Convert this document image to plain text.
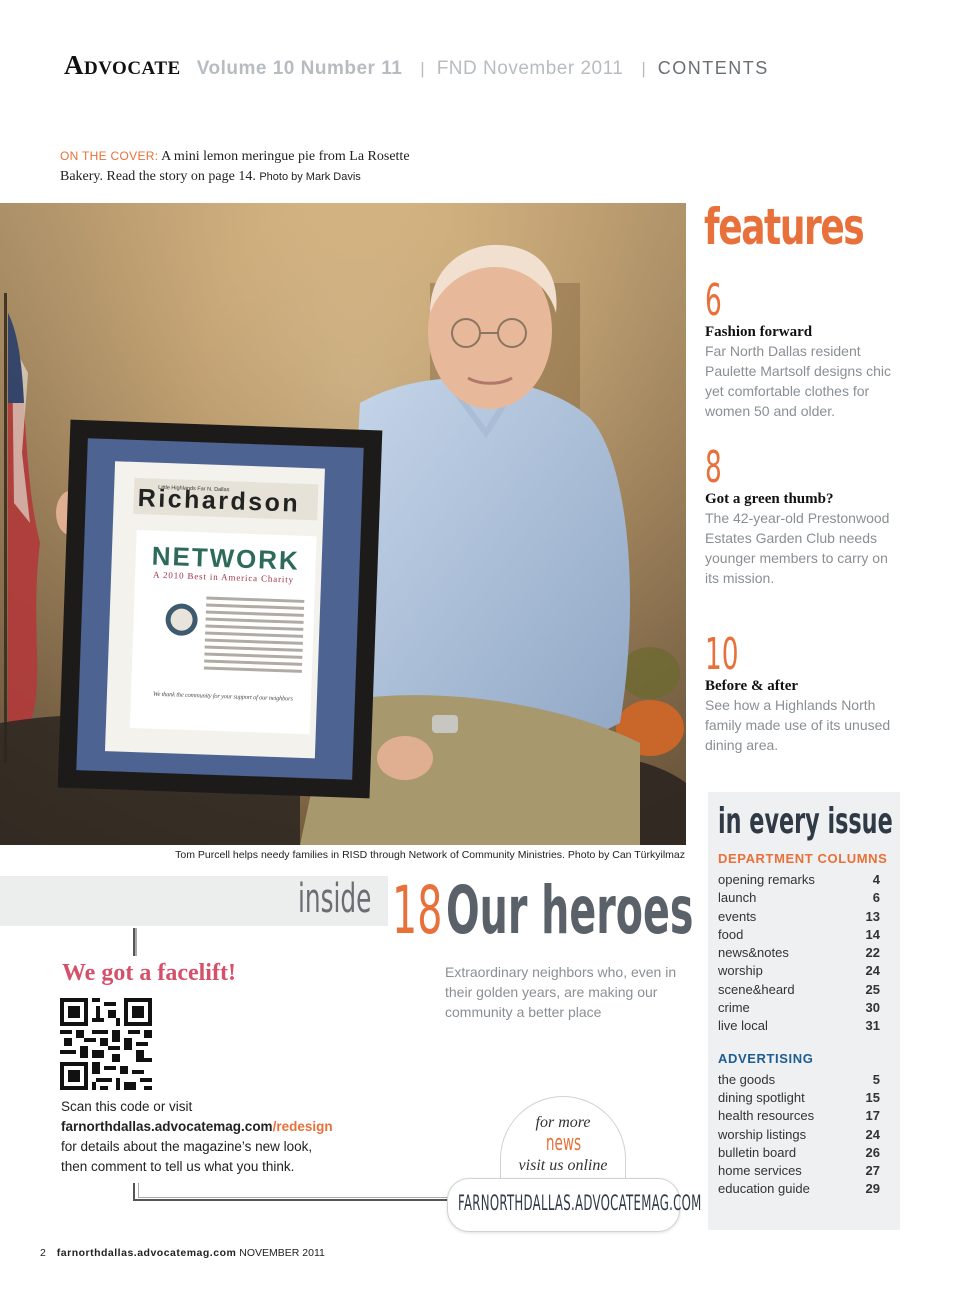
Advocate Volume 10 Number 11 | FND November 2011 | CONTENTS

ON THE COVER: A mini lemon meringue pie from La Rosette Bakery. Read the story on page 14. Photo by Mark Davis

Little Highlands Far N. Dallas
Richardson
NETWORK
A 2010 Best in America Charity
We thank the community for your support of our neighbors

Tom Purcell helps needy families in RISD through Network of Community Ministries. Photo by Can Türkyilmaz

features
6
Fashion forward

Far North Dallas resident Paulette Martsolf designs chic yet comfortable clothes for women 50 and older.

8
Got a green thumb?

The 42-year-old Prestonwood Estates Garden Club needs younger members to carry on its mission.

10
Before & after

See how a Highlands North family made use of its unused dining area.

in every issue
DEPARTMENT COLUMNS
opening remarks	4
launch	6
events	13
food	14
news&notes	22
worship	24
scene&heard	25
crime	30
live local	31
ADVERTISING
the goods	5
dining spotlight	15
health resources	17
worship listings	24
bulletin board	26
home services	27
education guide	29
inside 18 Our heroes

Extraordinary neighbors who, even in their golden years, are making our community a better place

We got a facelift!

Scan this code or visit
farnorthdallas.advocatemag.com/redesign
for details about the magazine’s new look, then comment to tell us what you think.

for more
news
visit us online
FARNORTHDALLAS.ADVOCATEMAG.COM
2 farnorthdallas.advocatemag.com NOVEMBER 2011
